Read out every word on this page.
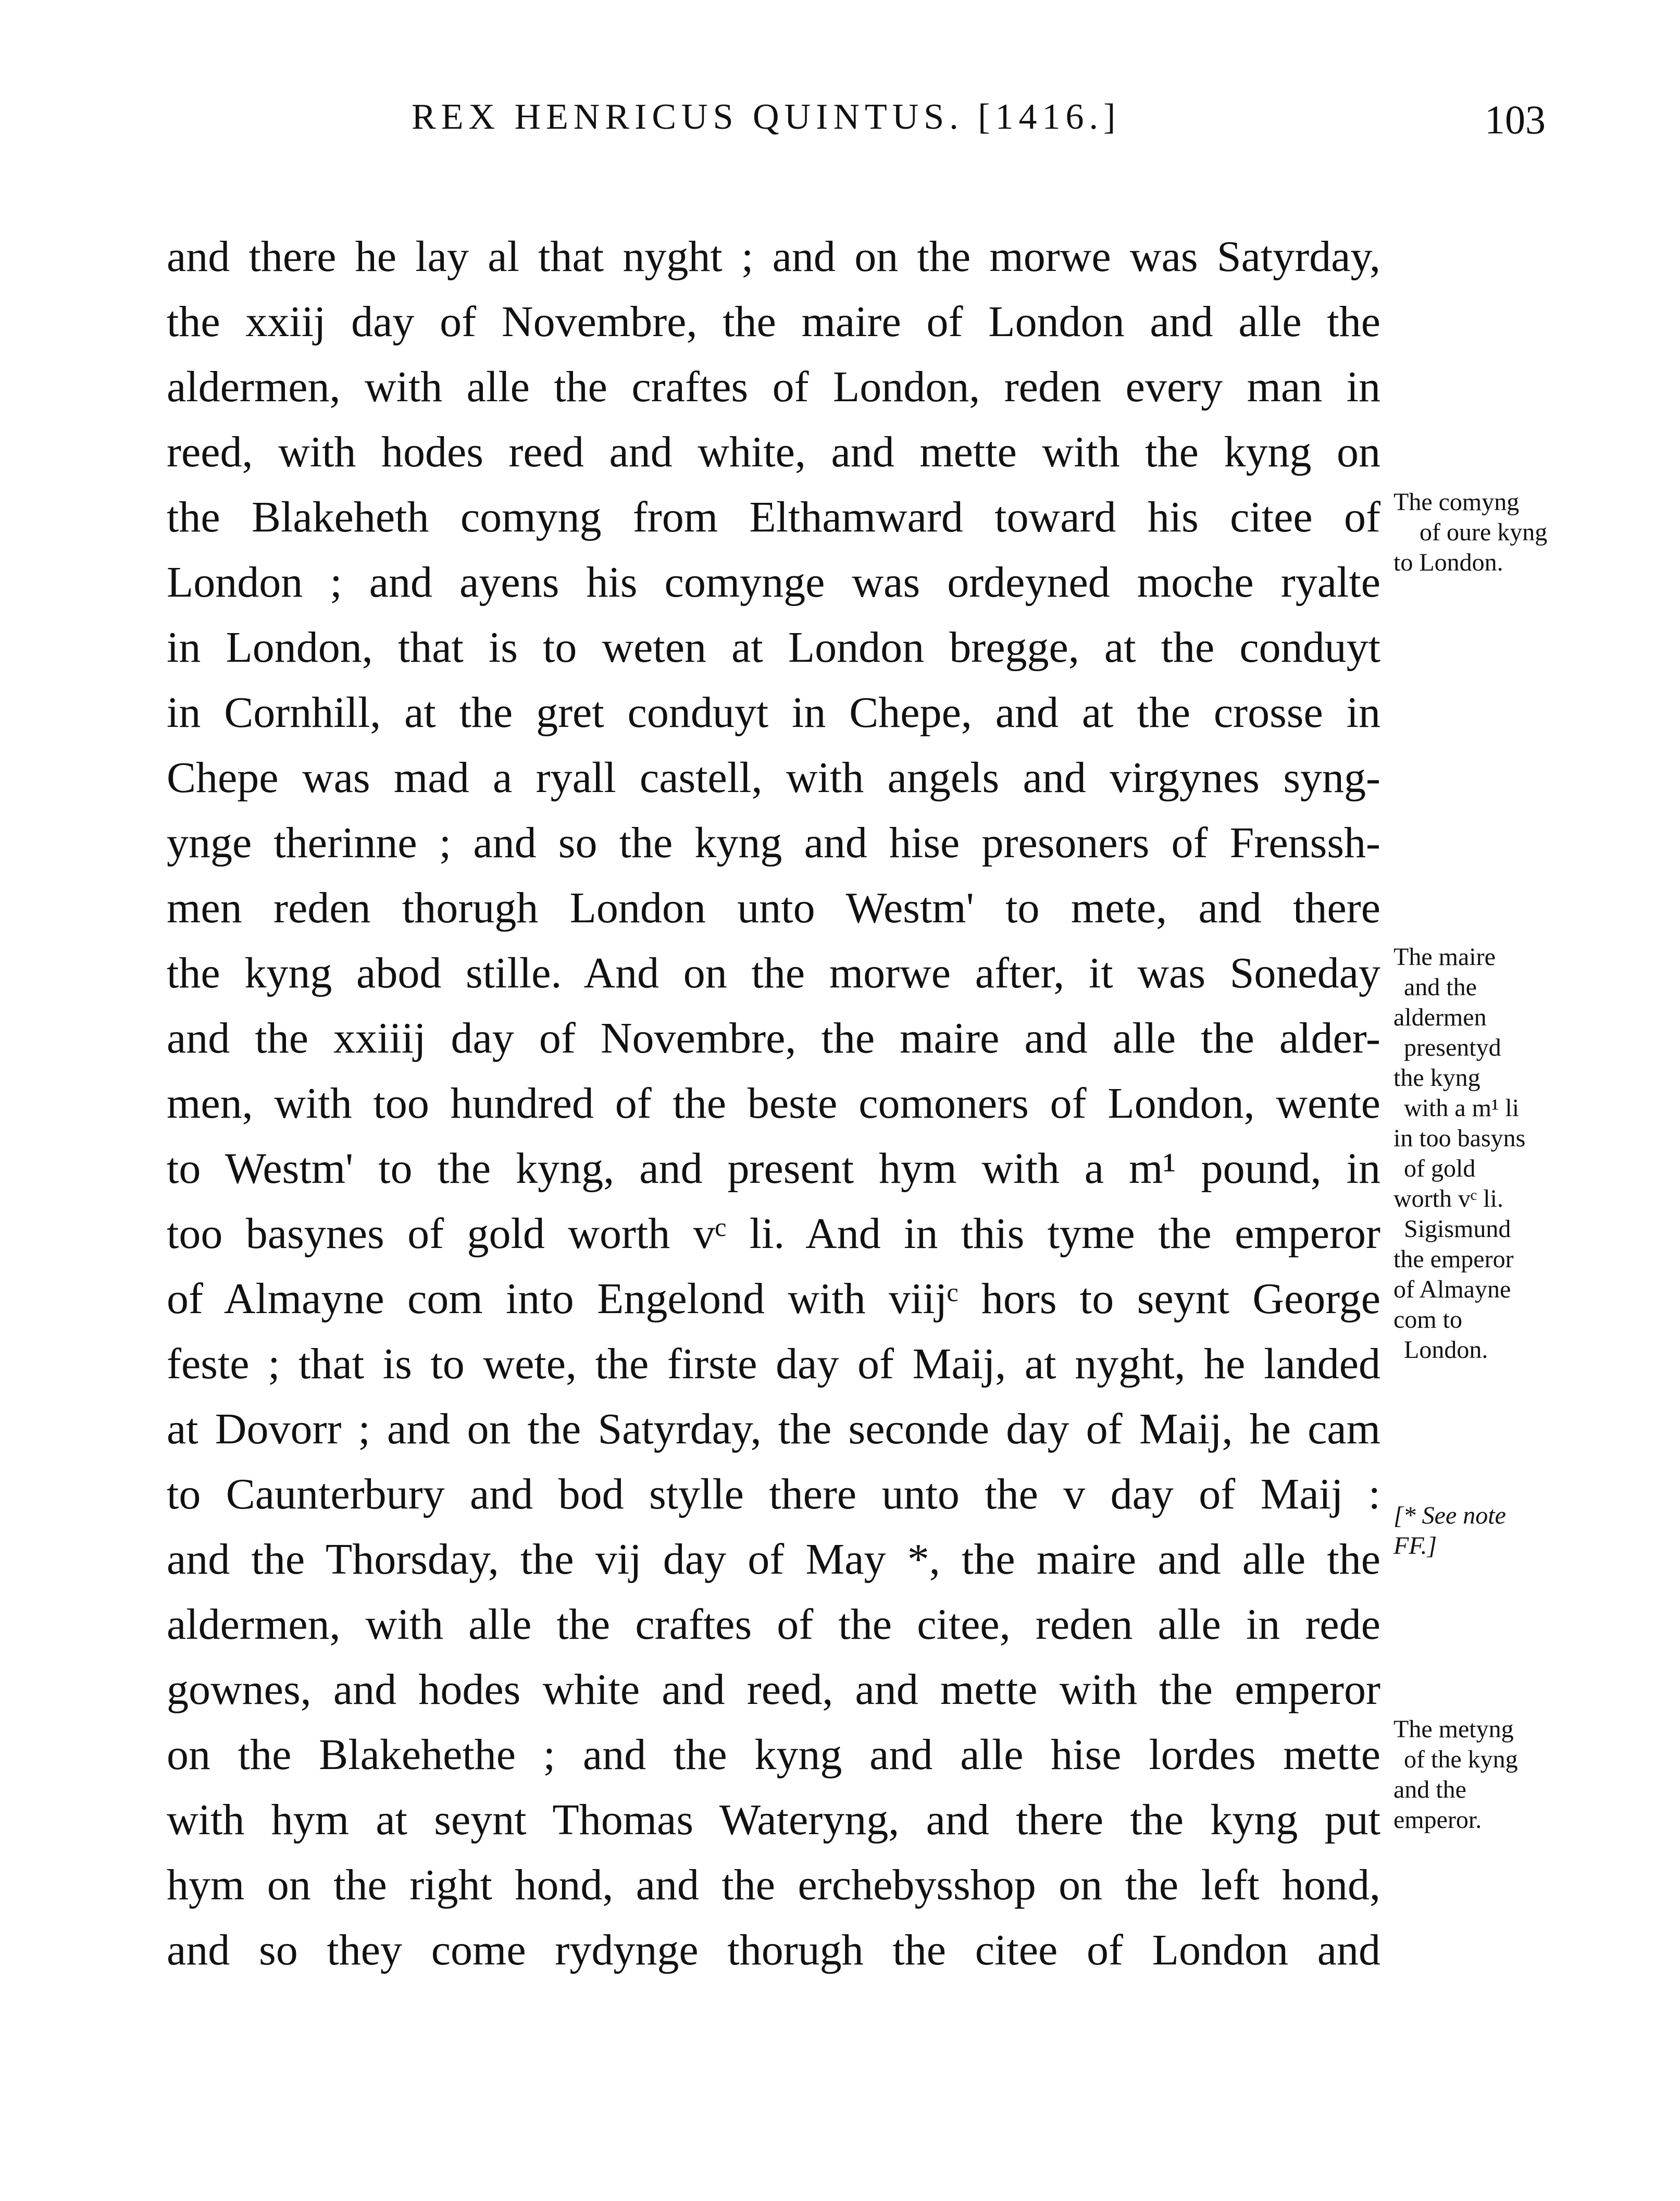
REX HENRICUS QUINTUS. [1416.]	103
and there he lay al that nyght ; and on the morwe was Satyrday,
the xxiij day of Novembre, the maire of London and alle the
aldermen, with alle the craftes of London, reden every man in
reed, with hodes reed and white, and mette with the kyng on
the Blakeheth comyng from Elthamward toward his citee of
London ; and ayens his comynge was ordeyned moche ryalte
in London, that is to weten at London bregge, at the conduyt
in Cornhill, at the gret conduyt in Chepe, and at the crosse in
Chepe was mad a ryall castell, with angels and virgynes syng-
ynge therinne ; and so the kyng and hise presoners of Frenssh-
men reden thorugh London unto Westm' to mete, and there
the kyng abod stille. And on the morwe after, it was Soneday
and the xxiiij day of Novembre, the maire and alle the alder-
men, with too hundred of the beste comoners of London, wente
to Westm' to the kyng, and present hym with a m¹ pound, in
too basynes of gold worth vᶜ li. And in this tyme the emperor
of Almayne com into Engelond with viijᶜ hors to seynt George
feste ; that is to wete, the firste day of Maij, at nyght, he landed
at Dovorr ; and on the Satyrday, the seconde day of Maij, he cam
to Caunterbury and bod stylle there unto the v day of Maij :
and the Thorsday, the vij day of May *, the maire and alle the
aldermen, with alle the craftes of the citee, reden alle in rede
gownes, and hodes white and reed, and mette with the emperor
on the Blakehethe ; and the kyng and alle hise lordes mette
with hym at seynt Thomas Wateryng, and there the kyng put
hym on the right hond, and the erchebysshop on the left hond,
and so they come rydynge thorugh the citee of London and
The comyng
of oure kyng
to London.
The maire
and the
aldermen
presentyd
the kyng
with a m¹ li
in too basyns
of gold
worth vᶜ li.
Sigismund
the emperor
of Almayne
com to
London.
[* See note
FF.]
The metyng
of the kyng
and the
emperor.
